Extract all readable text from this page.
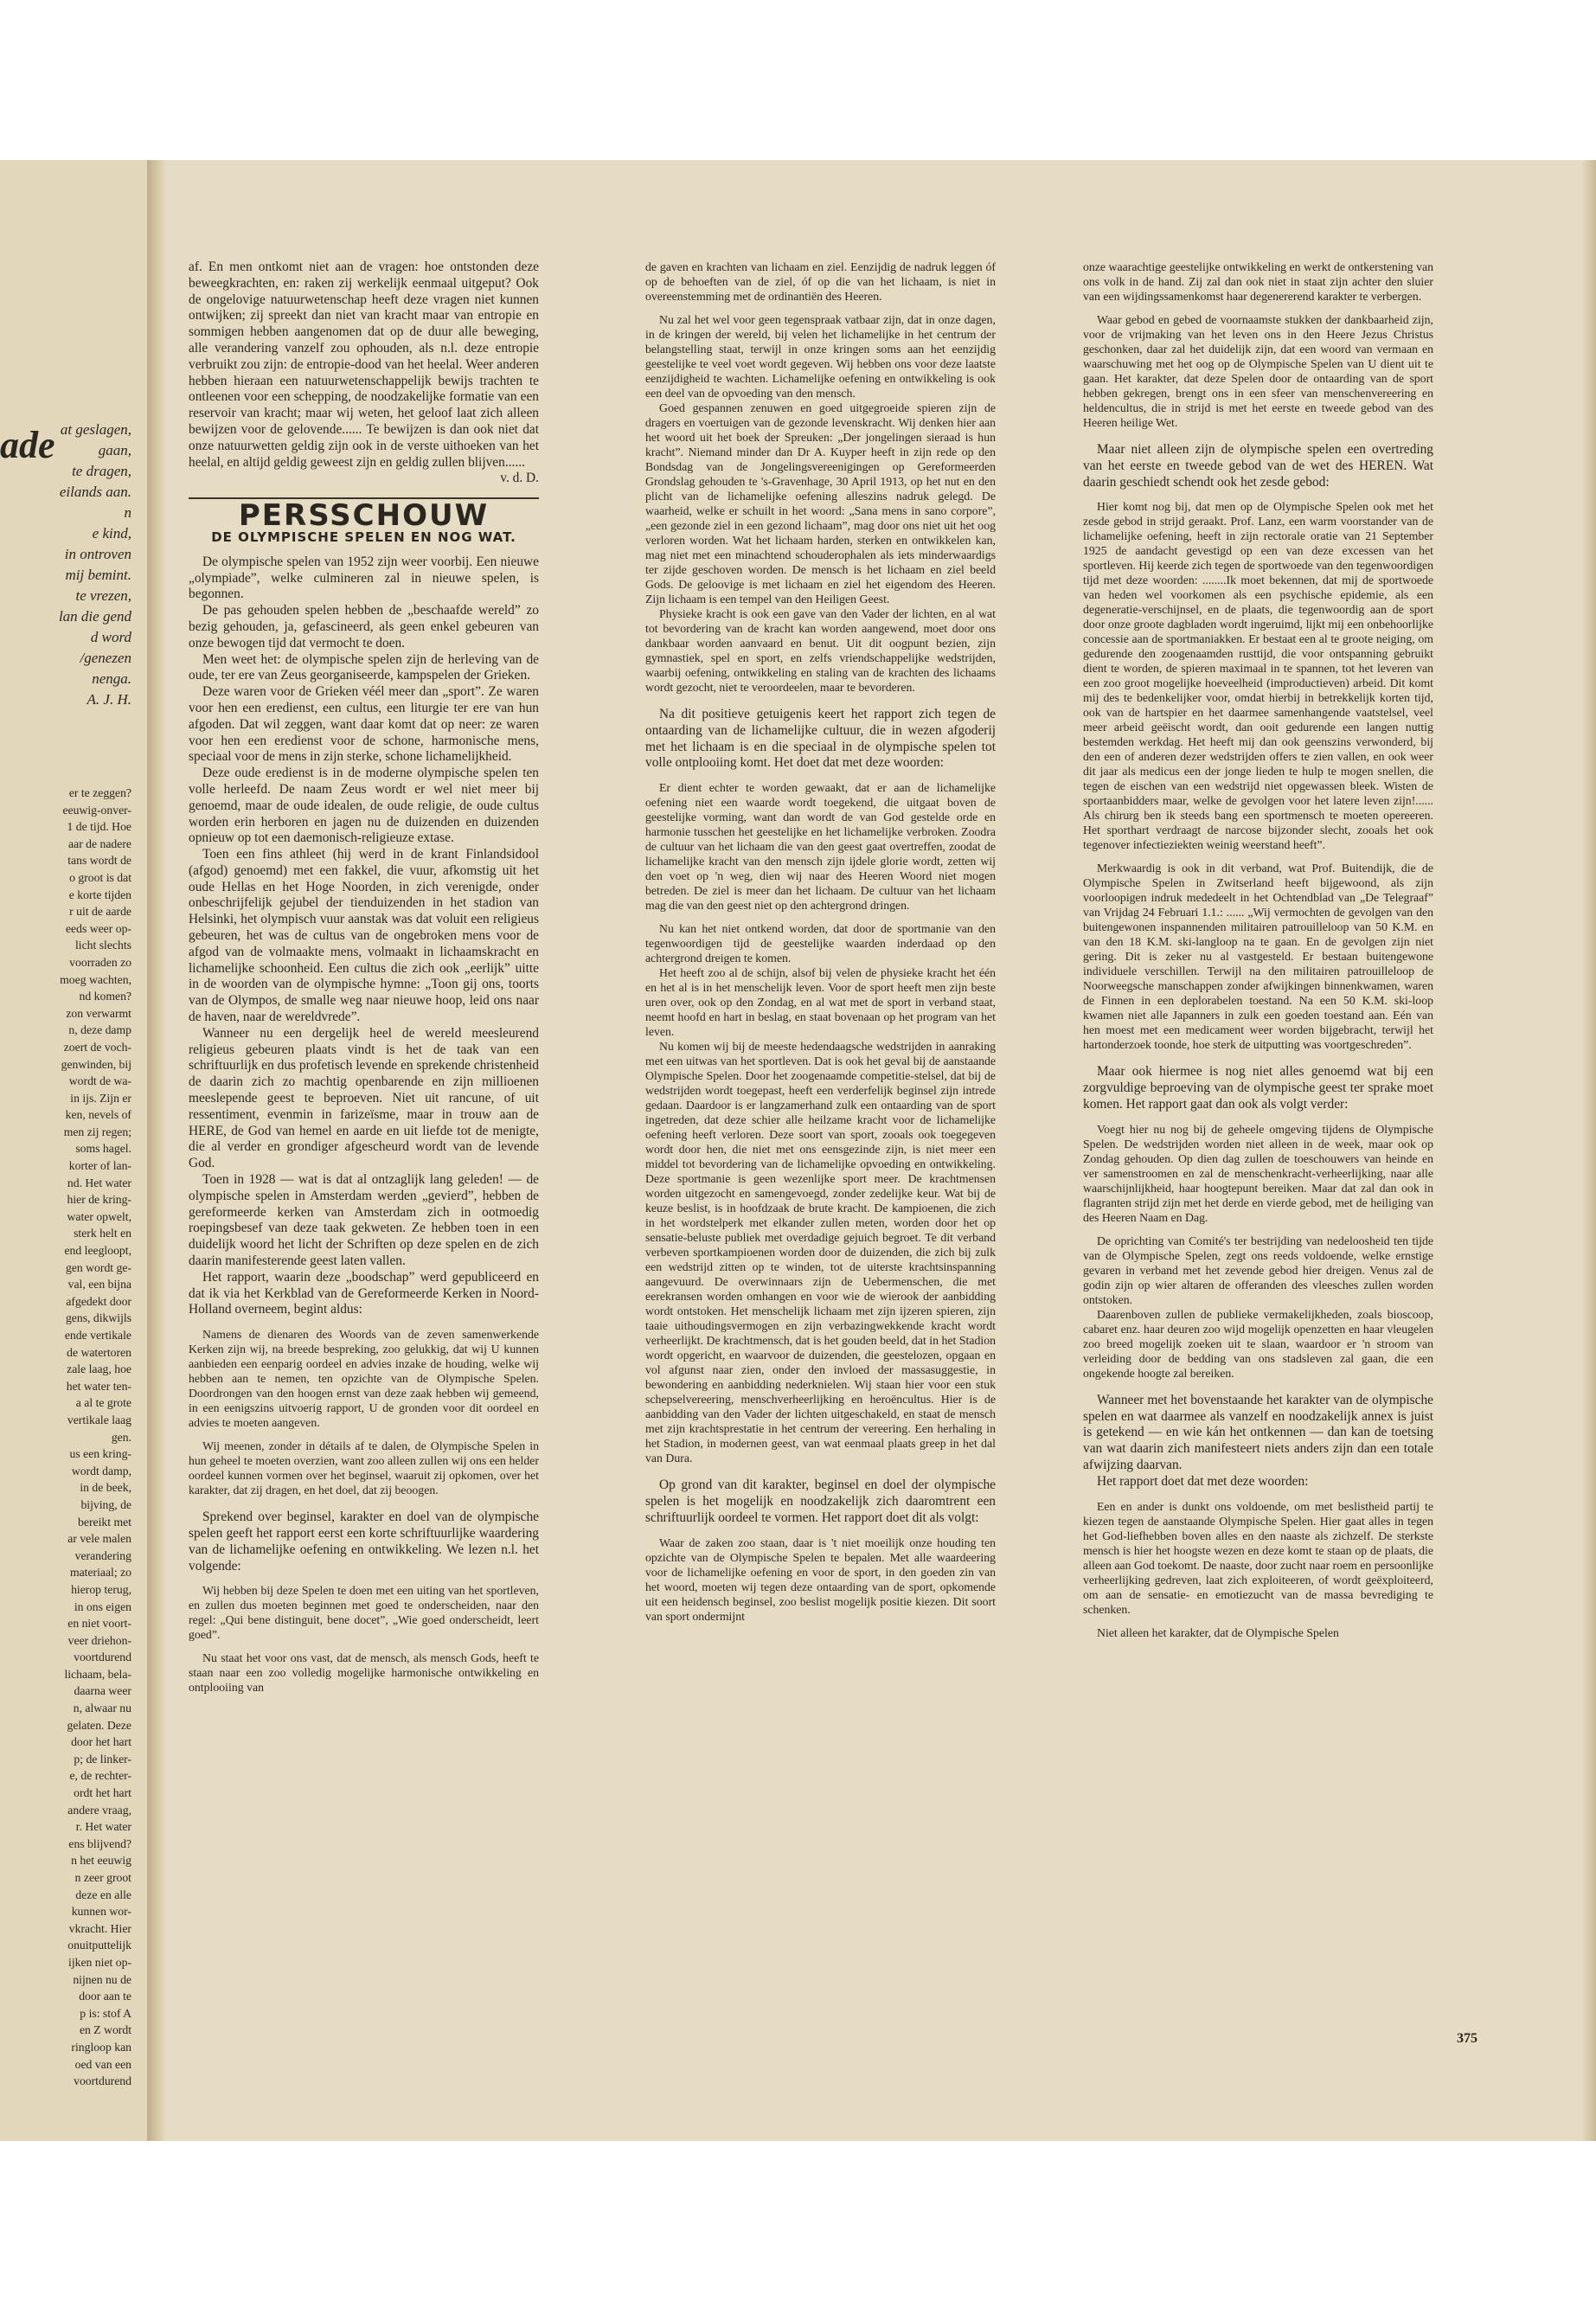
ade at geslagen,
gaan,
te dragen,
eilands aan.
n
e kind,
in ontroven
mij bemint.
te vrezen,
lan die gend
d word
/genezen
nenga.
A. J. H.
er te zeggen?
eeuwig-onver-
1 de tijd. Hoe
aar de nadere
tans wordt de
o groot is dat
e korte tijden
r uit de aarde
eeds weer op-
licht slechts
voorraden zo
moeg wachten,
nd komen?
zon verwarmt
n, deze damp
zoert de voch-
genwinden, bij
wordt de wa-
in ijs. Zijn er
ken, nevels of
men zij regen;
soms hagel.
korter of lan-
nd. Het water
hier de kring-
water opwelt,
sterk helt en
end leegloopt,
gen wordt ge-
val, een bijna
afgedekt door
gens, dikwijls
ende vertikale
de watertoren
zale laag, hoe
het water ten-
a al te grote
vertikale laag
gen.
us een kring-
wordt damp,
in de beek,
bijving, de
bereikt met
ar vele malen
verandering
materiaal; zo
hierop terug,
in ons eigen
en niet voort-
veer driehon-
voortdurend
lichaam, bela-
daarna weer
n, alwaar nu
gelaten. Deze
door het hart
p; de linker-
e, de rechter-
ordt het hart
andere vraag,
r. Het water
ens blijvend?
n het eeuwig
n zeer groot
deze en alle
kunnen wor-
vkracht. Hier
onuitputtelijk
ijken niet op-
nijnen nu de
door aan te
p is: stof A
en Z wordt
ringloop kan
oed van een
voortdurend

af. En men ontkomt niet aan de vragen: hoe ontstonden deze beweegkrachten, en: raken zij werkelijk eenmaal uitgeput? Ook de ongelovige natuurwetenschap heeft deze vragen niet kunnen ontwijken; zij spreekt dan niet van kracht maar van entropie en sommigen hebben aangenomen dat op de duur alle beweging, alle verandering vanzelf zou ophouden, als n.l. deze entropie verbruikt zou zijn: de entropie-dood van het heelal. Weer anderen hebben hieraan een natuurwetenschappelijk bewijs trachten te ontleenen voor een schepping, de noodzakelijke formatie van een reservoir van kracht; maar wij weten, het geloof laat zich alleen bewijzen voor de gelovende...... Te bewijzen is dan ook niet dat onze natuurwetten geldig zijn ook in de verste uithoeken van het heelal, en altijd geldig geweest zijn en geldig zullen blijven......

v. d. D.

PERSSCHOUW
DE OLYMPISCHE SPELEN EN NOG WAT.

De olympische spelen van 1952 zijn weer voorbij. Een nieuwe „olympiade”, welke culmineren zal in nieuwe spelen, is begonnen.

De pas gehouden spelen hebben de „beschaafde wereld” zo bezig gehouden, ja, gefascineerd, als geen enkel gebeuren van onze bewogen tijd dat vermocht te doen.

Men weet het: de olympische spelen zijn de herleving van de oude, ter ere van Zeus georganiseerde, kampspelen der Grieken.

Deze waren voor de Grieken véél meer dan „sport”. Ze waren voor hen een eredienst, een cultus, een liturgie ter ere van hun afgoden. Dat wil zeggen, want daar komt dat op neer: ze waren voor hen een eredienst voor de schone, harmonische mens, speciaal voor de mens in zijn sterke, schone lichamelijkheid.

Deze oude eredienst is in de moderne olympische spelen ten volle herleefd. De naam Zeus wordt er wel niet meer bij genoemd, maar de oude idealen, de oude religie, de oude cultus worden erin herboren en jagen nu de duizenden en duizenden opnieuw op tot een daemonisch-religieuze extase.

Toen een fins athleet (hij werd in de krant Finlandsidool (afgod) genoemd) met een fakkel, die vuur, afkomstig uit het oude Hellas en het Hoge Noorden, in zich verenigde, onder onbeschrijfelijk gejubel der tienduizenden in het stadion van Helsinki, het olympisch vuur aanstak was dat voluit een religieus gebeuren, het was de cultus van de ongebroken mens voor de afgod van de volmaakte mens, volmaakt in lichaamskracht en lichamelijke schoonheid. Een cultus die zich ook „eerlijk” uitte in de woorden van de olympische hymne: „Toon gij ons, toorts van de Olympos, de smalle weg naar nieuwe hoop, leid ons naar de haven, naar de wereldvrede”.

Wanneer nu een dergelijk heel de wereld meesleurend religieus gebeuren plaats vindt is het de taak van een schriftuurlijk en dus profetisch levende en sprekende christenheid de daarin zich zo machtig openbarende en zijn millioenen meeslepende geest te beproeven. Niet uit rancune, of uit ressentiment, evenmin in farizeïsme, maar in trouw aan de HERE, de God van hemel en aarde en uit liefde tot de menigte, die al verder en grondiger afgescheurd wordt van de levende God.

Toen in 1928 — wat is dat al ontzaglijk lang geleden! — de olympische spelen in Amsterdam werden „gevierd”, hebben de gereformeerde kerken van Amsterdam zich in ootmoedig roepingsbesef van deze taak gekweten. Ze hebben toen in een duidelijk woord het licht der Schriften op deze spelen en de zich daarin manifesterende geest laten vallen.

Het rapport, waarin deze „boodschap” werd gepubliceerd en dat ik via het Kerkblad van de Gereformeerde Kerken in Noord-Holland overneem, begint aldus:

Namens de dienaren des Woords van de zeven samenwerkende Kerken zijn wij, na breede bespreking, zoo gelukkig, dat wij U kunnen aanbieden een eenparig oordeel en advies inzake de houding, welke wij hebben aan te nemen, ten opzichte van de Olympische Spelen. Doordrongen van den hoogen ernst van deze zaak hebben wij gemeend, in een eenigszins uitvoerig rapport, U de gronden voor dit oordeel en advies te moeten aangeven.

Wij meenen, zonder in détails af te dalen, de Olympische Spelen in hun geheel te moeten overzien, want zoo alleen zullen wij ons een helder oordeel kunnen vormen over het beginsel, waaruit zij opkomen, over het karakter, dat zij dragen, en het doel, dat zij beoogen.

Sprekend over beginsel, karakter en doel van de olympische spelen geeft het rapport eerst een korte schriftuurlijke waardering van de lichamelijke oefening en ontwikkeling. We lezen n.l. het volgende:

Wij hebben bij deze Spelen te doen met een uiting van het sportleven, en zullen dus moeten beginnen met goed te onderscheiden, naar den regel: „Qui bene distinguit, bene docet”, „Wie goed onderscheidt, leert goed”.

Nu staat het voor ons vast, dat de mensch, als mensch Gods, heeft te staan naar een zoo volledig mogelijke harmonische ontwikkeling en ontplooiing van

de gaven en krachten van lichaam en ziel. Eenzijdig de nadruk leggen óf op de behoeften van de ziel, óf op die van het lichaam, is niet in overeenstemming met de ordinantiën des Heeren.

Nu zal het wel voor geen tegenspraak vatbaar zijn, dat in onze dagen, in de kringen der wereld, bij velen het lichamelijke in het centrum der belangstelling staat, terwijl in onze kringen soms aan het eenzijdig geestelijke te veel voet wordt gegeven. Wij hebben ons voor deze laatste eenzijdigheid te wachten. Lichamelijke oefening en ontwikkeling is ook een deel van de opvoeding van den mensch.

Goed gespannen zenuwen en goed uitgegroeide spieren zijn de dragers en voertuigen van de gezonde levenskracht. Wij denken hier aan het woord uit het boek der Spreuken: „Der jongelingen sieraad is hun kracht”. Niemand minder dan Dr A. Kuyper heeft in zijn rede op den Bondsdag van de Jongelingsvereenigingen op Gereformeerden Grondslag gehouden te 's-Gravenhage, 30 April 1913, op het nut en den plicht van de lichamelijke oefening alleszins nadruk gelegd. De waarheid, welke er schuilt in het woord: „Sana mens in sano corpore”, „een gezonde ziel in een gezond lichaam”, mag door ons niet uit het oog verloren worden. Wat het lichaam harden, sterken en ontwikkelen kan, mag niet met een minachtend schouderophalen als iets minderwaardigs ter zijde geschoven worden. De mensch is het lichaam en ziel beeld Gods. De geloovige is met lichaam en ziel het eigendom des Heeren. Zijn lichaam is een tempel van den Heiligen Geest.

Physieke kracht is ook een gave van den Vader der lichten, en al wat tot bevordering van de kracht kan worden aangewend, moet door ons dankbaar worden aanvaard en benut. Uit dit oogpunt bezien, zijn gymnastiek, spel en sport, en zelfs vriendschappelijke wedstrijden, waarbij oefening, ontwikkeling en staling van de krachten des lichaams wordt gezocht, niet te veroordeelen, maar te bevorderen.

Na dit positieve getuigenis keert het rapport zich tegen de ontaarding van de lichamelijke cultuur, die in wezen afgoderij met het lichaam is en die speciaal in de olympische spelen tot volle ontplooiing komt. Het doet dat met deze woorden:

Er dient echter te worden gewaakt, dat er aan de lichamelijke oefening niet een waarde wordt toegekend, die uitgaat boven de geestelijke vorming, want dan wordt de van God gestelde orde en harmonie tusschen het geestelijke en het lichamelijke verbroken. Zoodra de cultuur van het lichaam die van den geest gaat overtreffen, zoodat de lichamelijke kracht van den mensch zijn ijdele glorie wordt, zetten wij den voet op 'n weg, dien wij naar des Heeren Woord niet mogen betreden. De ziel is meer dan het lichaam. De cultuur van het lichaam mag die van den geest niet op den achtergrond dringen.

Nu kan het niet ontkend worden, dat door de sportmanie van den tegenwoordigen tijd de geestelijke waarden inderdaad op den achtergrond dreigen te komen.

Het heeft zoo al de schijn, alsof bij velen de physieke kracht het één en het al is in het menschelijk leven. Voor de sport heeft men zijn beste uren over, ook op den Zondag, en al wat met de sport in verband staat, neemt hoofd en hart in beslag, en staat bovenaan op het program van het leven.

Nu komen wij bij de meeste hedendaagsche wedstrijden in aanraking met een uitwas van het sportleven. Dat is ook het geval bij de aanstaande Olympische Spelen. Door het zoogenaamde competitie-stelsel, dat bij de wedstrijden wordt toegepast, heeft een verderfelijk beginsel zijn intrede gedaan. Daardoor is er langzamerhand zulk een ontaarding van de sport ingetreden, dat deze schier alle heilzame kracht voor de lichamelijke oefening heeft verloren. Deze soort van sport, zooals ook toegegeven wordt door hen, die niet met ons eensgezinde zijn, is niet meer een middel tot bevordering van de lichamelijke opvoeding en ontwikkeling. Deze sportmanie is geen wezenlijke sport meer. De krachtmensen worden uitgezocht en samengevoegd, zonder zedelijke keur. Wat bij de keuze beslist, is in hoofdzaak de brute kracht. De kampioenen, die zich in het wordstelperk met elkander zullen meten, worden door het op sensatie-beluste publiek met overdadige gejuich begroet. Te dit verband verbeven sportkampioenen worden door de duizenden, die zich bij zulk een wedstrijd zitten op te winden, tot de uiterste krachtsinspanning aangevuurd. De overwinnaars zijn de Uebermenschen, die met eerekransen worden omhangen en voor wie de wierook der aanbidding wordt ontstoken. Het menschelijk lichaam met zijn ijzeren spieren, zijn taaie uithoudingsvermogen en zijn verbazingwekkende kracht wordt verheerlijkt. De krachtmensch, dat is het gouden beeld, dat in het Stadion wordt opgericht, en waarvoor de duizenden, die geestelozen, opgaan en vol afgunst naar zien, onder den invloed der massasuggestie, in bewondering en aanbidding nederknielen. Wij staan hier voor een stuk schepselvereering, menschverheerlijking en heroëncultus. Hier is de aanbidding van den Vader der lichten uitgeschakeld, en staat de mensch met zijn krachtsprestatie in het centrum der vereering. Een herhaling in het Stadion, in modernen geest, van wat eenmaal plaats greep in het dal van Dura.

Op grond van dit karakter, beginsel en doel der olympische spelen is het mogelijk en noodzakelijk zich daaromtrent een schriftuurlijk oordeel te vormen. Het rapport doet dit als volgt:

Waar de zaken zoo staan, daar is 't niet moeilijk onze houding ten opzichte van de Olympische Spelen te bepalen. Met alle waardeering voor de lichamelijke oefening en voor de sport, in den goeden zin van het woord, moeten wij tegen deze ontaarding van de sport, opkomende uit een heidensch beginsel, zoo beslist mogelijk positie kiezen. Dit soort van sport ondermijnt

onze waarachtige geestelijke ontwikkeling en werkt de ontkerstening van ons volk in de hand. Zij zal dan ook niet in staat zijn achter den sluier van een wijdingssamenkomst haar degenererend karakter te verbergen.

Waar gebod en gebed de voornaamste stukken der dankbaarheid zijn, voor de vrijmaking van het leven ons in den Heere Jezus Christus geschonken, daar zal het duidelijk zijn, dat een woord van vermaan en waarschuwing met het oog op de Olympische Spelen van U dient uit te gaan. Het karakter, dat deze Spelen door de ontaarding van de sport hebben gekregen, brengt ons in een sfeer van menschenvereering en heldencultus, die in strijd is met het eerste en tweede gebod van des Heeren heilige Wet.

Maar niet alleen zijn de olympische spelen een overtreding van het eerste en tweede gebod van de wet des HEREN. Wat daarin geschiedt schendt ook het zesde gebod:

Hier komt nog bij, dat men op de Olympische Spelen ook met het zesde gebod in strijd geraakt. Prof. Lanz, een warm voorstander van de lichamelijke oefening, heeft in zijn rectorale oratie van 21 September 1925 de aandacht gevestigd op een van deze excessen van het sportleven. Hij keerde zich tegen de sportwoede van den tegenwoordigen tijd met deze woorden: ........Ik moet bekennen, dat mij de sportwoede van heden wel voorkomen als een psychische epidemie, als een degeneratie-verschijnsel, en de plaats, die tegenwoordig aan de sport door onze groote dagbladen wordt ingeruimd, lijkt mij een onbehoorlijke concessie aan de sportmaniakken. Er bestaat een al te groote neiging, om gedurende den zoogenaamden rusttijd, die voor ontspanning gebruikt dient te worden, de spieren maximaal in te spannen, tot het leveren van een zoo groot mogelijke hoeveelheid (improductieven) arbeid. Dit komt mij des te bedenkelijker voor, omdat hierbij in betrekkelijk korten tijd, ook van de hartspier en het daarmee samenhangende vaatstelsel, veel meer arbeid geëischt wordt, dan ooit gedurende een langen nuttig bestemden werkdag. Het heeft mij dan ook geenszins verwonderd, bij den een of anderen dezer wedstrijden offers te zien vallen, en ook weer dit jaar als medicus een der jonge lieden te hulp te mogen snellen, die tegen de eischen van een wedstrijd niet opgewassen bleek. Wisten de sportaanbidders maar, welke de gevolgen voor het latere leven zijn!...... Als chirurg ben ik steeds bang een sportmensch te moeten opereeren. Het sporthart verdraagt de narcose bijzonder slecht, zooals het ook tegenover infectieziekten weinig weerstand heeft”.

Merkwaardig is ook in dit verband, wat Prof. Buitendijk, die de Olympische Spelen in Zwitserland heeft bijgewoond, als zijn voorloopigen indruk mededeelt in het Ochtendblad van „De Telegraaf” van Vrijdag 24 Februari 1.1.: ...... „Wij vermochten de gevolgen van den buitengewonen inspannenden militairen patrouilleloop van 50 K.M. en van den 18 K.M. ski-langloop na te gaan. En de gevolgen zijn niet gering. Dit is zeker nu al vastgesteld. Er bestaan buitengewone individuele verschillen. Terwijl na den militairen patrouilleloop de Noorweegsche manschappen zonder afwijkingen binnenkwamen, waren de Finnen in een deplorabelen toestand. Na een 50 K.M. ski-loop kwamen niet alle Japanners in zulk een goeden toestand aan. Eén van hen moest met een medicament weer worden bijgebracht, terwijl het hartonderzoek toonde, hoe sterk de uitputting was voortgeschreden”.

Maar ook hiermee is nog niet alles genoemd wat bij een zorgvuldige beproeving van de olympische geest ter sprake moet komen. Het rapport gaat dan ook als volgt verder:

Voegt hier nu nog bij de geheele omgeving tijdens de Olympische Spelen. De wedstrijden worden niet alleen in de week, maar ook op Zondag gehouden. Op dien dag zullen de toeschouwers van heinde en ver samenstroomen en zal de menschenkracht-verheerlijking, naar alle waarschijnlijkheid, haar hoogtepunt bereiken. Maar dat zal dan ook in flagranten strijd zijn met het derde en vierde gebod, met de heiliging van des Heeren Naam en Dag.

De oprichting van Comité's ter bestrijding van nedeloosheid ten tijde van de Olympische Spelen, zegt ons reeds voldoende, welke ernstige gevaren in verband met het zevende gebod hier dreigen. Venus zal de godin zijn op wier altaren de offeranden des vleesches zullen worden ontstoken.

Daarenboven zullen de publieke vermakelijkheden, zoals bioscoop, cabaret enz. haar deuren zoo wijd mogelijk openzetten en haar vleugelen zoo breed mogelijk zoeken uit te slaan, waardoor er 'n stroom van verleiding door de bedding van ons stadsleven zal gaan, die een ongekende hoogte zal bereiken.

Wanneer met het bovenstaande het karakter van de olympische spelen en wat daarmee als vanzelf en noodzakelijk annex is juist is getekend — en wie kán het ontkennen — dan kan de toetsing van wat daarin zich manifesteert niets anders zijn dan een totale afwijzing daarvan.

Het rapport doet dat met deze woorden:

Een en ander is dunkt ons voldoende, om met beslistheid partij te kiezen tegen de aanstaande Olympische Spelen. Hier gaat alles in tegen het God-liefhebben boven alles en den naaste als zichzelf. De sterkste mensch is hier het hoogste wezen en deze komt te staan op de plaats, die alleen aan God toekomt. De naaste, door zucht naar roem en persoonlijke verheerlijking gedreven, laat zich exploiteeren, of wordt geëxploiteerd, om aan de sensatie- en emotiezucht van de massa bevrediging te schenken.

Niet alleen het karakter, dat de Olympische Spelen

375
